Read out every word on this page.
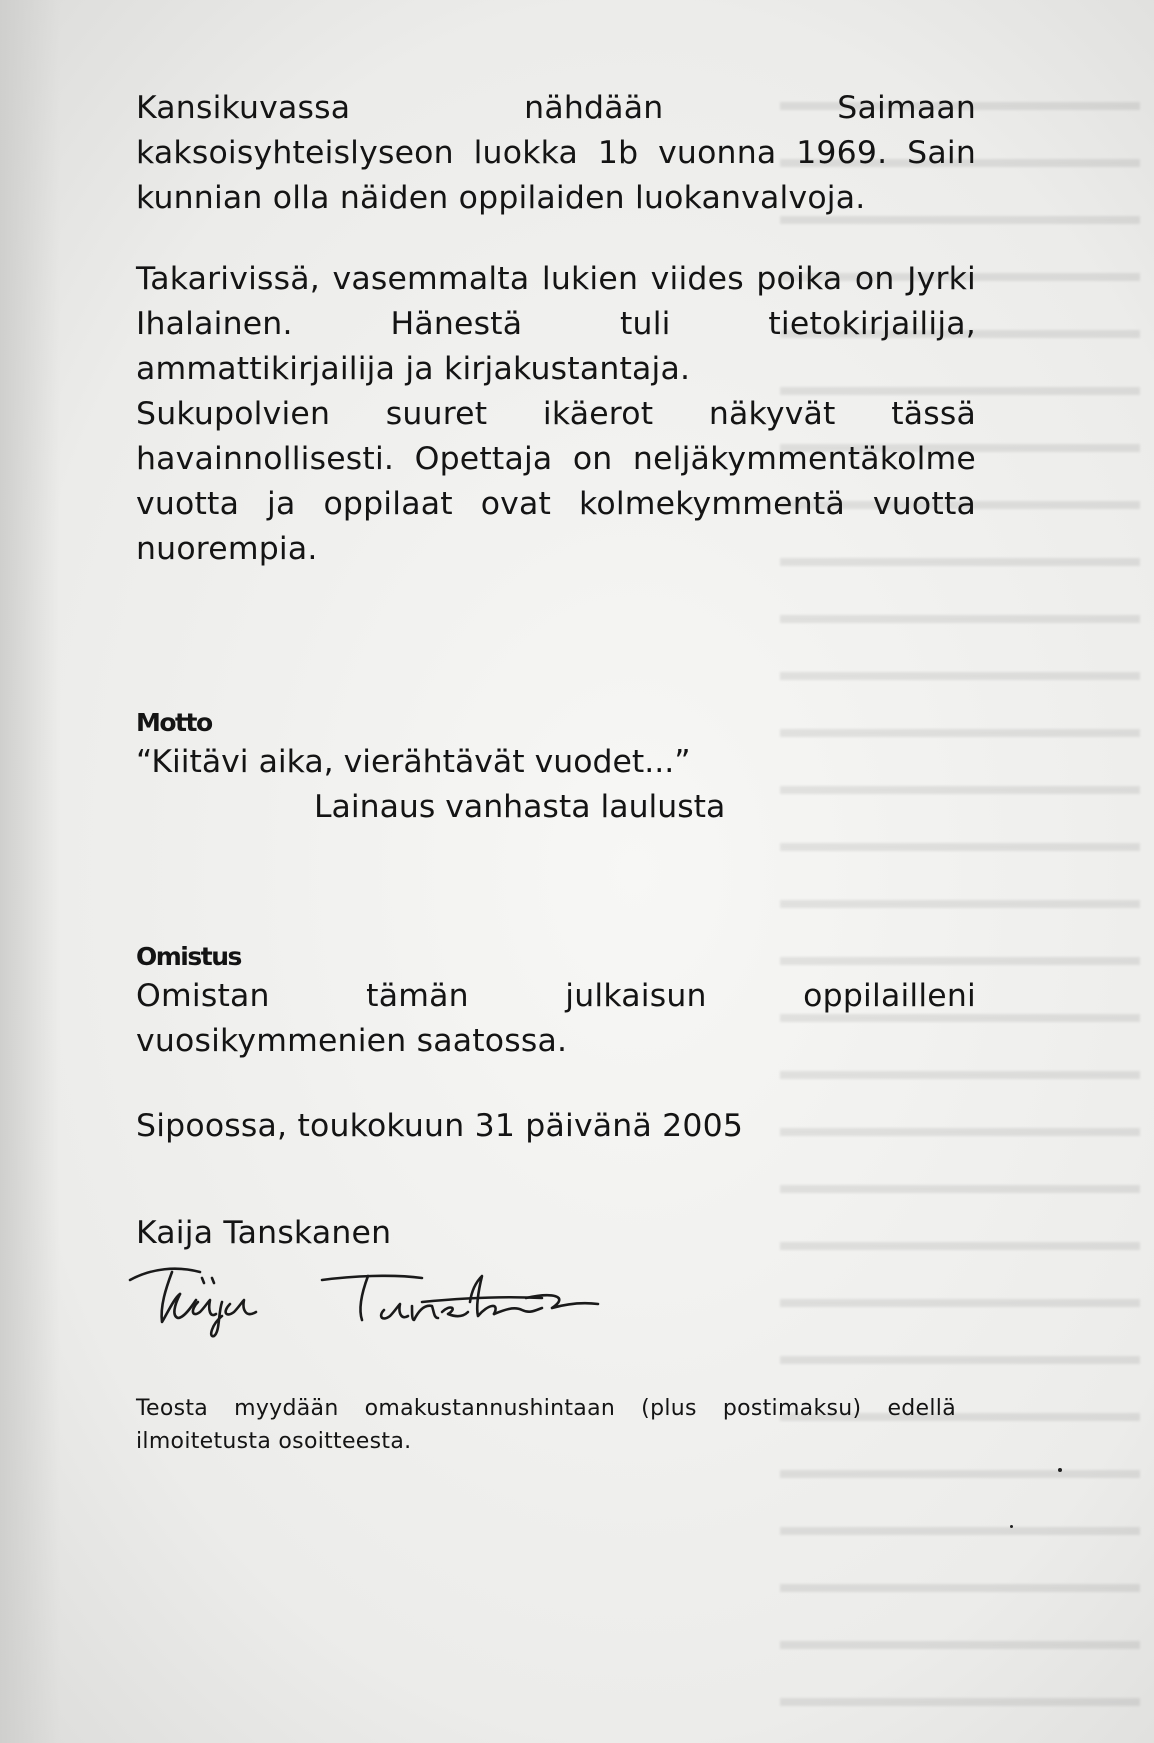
Kansikuvassa nähdään Saimaan kaksoisyhteislyseon luokka 1b vuonna 1969. Sain kunnian olla näiden oppilaiden luokanvalvoja.

Takarivissä, vasemmalta lukien viides poika on Jyrki Ihalainen. Hänestä tuli tietokirjailija, ammattikirjailija ja kirjakustantaja.

Sukupolvien suuret ikäerot näkyvät tässä havainnollisesti. Opettaja on neljäkymmentäkolme vuotta ja oppilaat ovat kolmekymmentä vuotta nuorempia.

Motto

“Kiitävi aika, vierähtävät vuodet...”

Lainaus vanhasta laulusta

Omistus

Omistan tämän julkaisun oppilailleni vuosikymmenien saatossa.

Sipoossa, toukokuun 31 päivänä 2005

Kaija Tanskanen

Teosta myydään omakustannushintaan (plus postimaksu) edellä ilmoitetusta osoitteesta.
